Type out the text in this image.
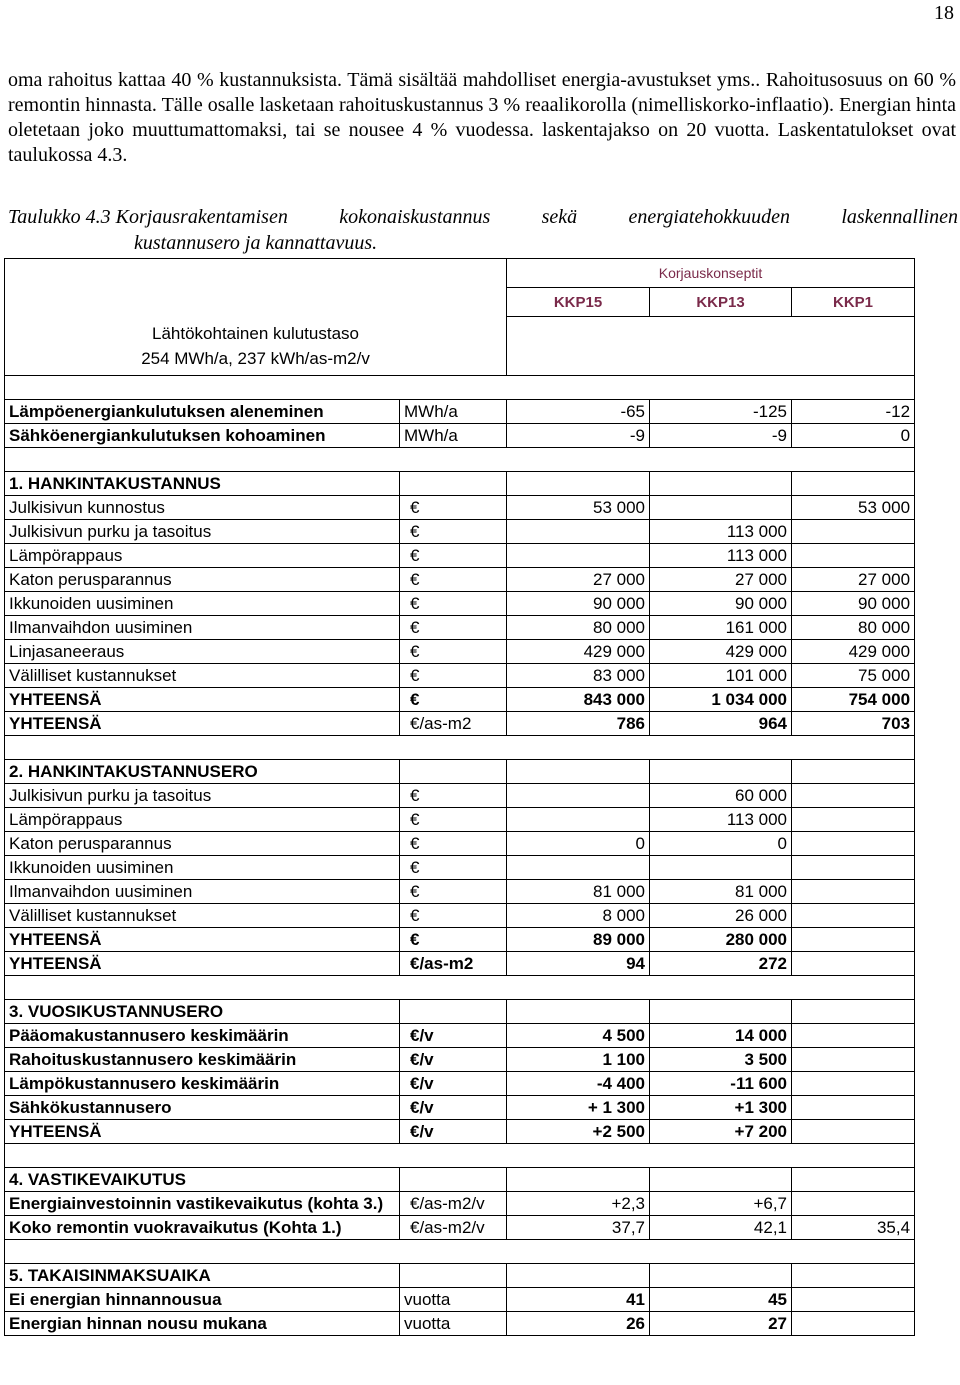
18

oma rahoitus kattaa 40 % kustannuksista. Tämä sisältää mahdolliset energia-avustukset yms.. Rahoitusosuus on 60 % remontin hinnasta. Tälle osalle lasketaan rahoituskustannus 3 % reaalikorolla (nimelliskorko-inflaatio). Energian hinta oletetaan joko muuttumattomaksi, tai se nousee 4 % vuodessa. laskentajakso on 20 vuotta. Laskentatulokset ovat taulukossa 4.3.

Taulukko 4.3 Korjausrakentamisen	kokonaiskustannus	sekä	energiatehokkuuden	laskennallinen
kustannusero ja kannattavuus.
Lähtökohtainen kulutustaso
254 MWh/a, 237 kWh/as-m2/v		Korjauskonseptit		
		KKP15	KKP13	KKP1

Lämpöenergiankulutuksen aleneminen	MWh/a	-65	-125	-12
Sähköenergiankulutuksen kohoaminen	MWh/a	-9	-9	0

1. HANKINTAKUSTANNUS				
Julkisivun kunnostus	€	53 000		53 000
Julkisivun purku ja tasoitus	€		113 000	
Lämpörappaus	€		113 000	
Katon perusparannus	€	27 000	27 000	27 000
Ikkunoiden uusiminen	€	90 000	90 000	90 000
Ilmanvaihdon uusiminen	€	80 000	161 000	80 000
Linjasaneeraus	€	429 000	429 000	429 000
Välilliset kustannukset	€	83 000	101 000	75 000
YHTEENSÄ	€	843 000	1 034 000	754 000
YHTEENSÄ	€/as-m2	786	964	703

2. HANKINTAKUSTANNUSERO				
Julkisivun purku ja tasoitus	€		60 000	
Lämpörappaus	€		113 000	
Katon perusparannus	€	0	0	
Ikkunoiden uusiminen	€			
Ilmanvaihdon uusiminen	€	81 000	81 000	
Välilliset kustannukset	€	8 000	26 000	
YHTEENSÄ	€	89 000	280 000	
YHTEENSÄ	€/as-m2	94	272	

3. VUOSIKUSTANNUSERO				
Pääomakustannusero keskimäärin	€/v	4 500	14 000	
Rahoituskustannusero keskimäärin	€/v	1 100	3 500	
Lämpökustannusero keskimäärin	€/v	-4 400	-11 600	
Sähkökustannusero	€/v	+ 1 300	+1 300	
YHTEENSÄ	€/v	+2 500	+7 200	

4. VASTIKEVAIKUTUS				
Energiainvestoinnin vastikevaikutus (kohta 3.)	€/as-m2/v	+2,3	+6,7	
Koko remontin vuokravaikutus (Kohta 1.)	€/as-m2/v	37,7	42,1	35,4

5. TAKAISINMAKSUAIKA				
Ei energian hinnannousua	vuotta	41	45	
Energian hinnan nousu mukana	vuotta	26	27	
